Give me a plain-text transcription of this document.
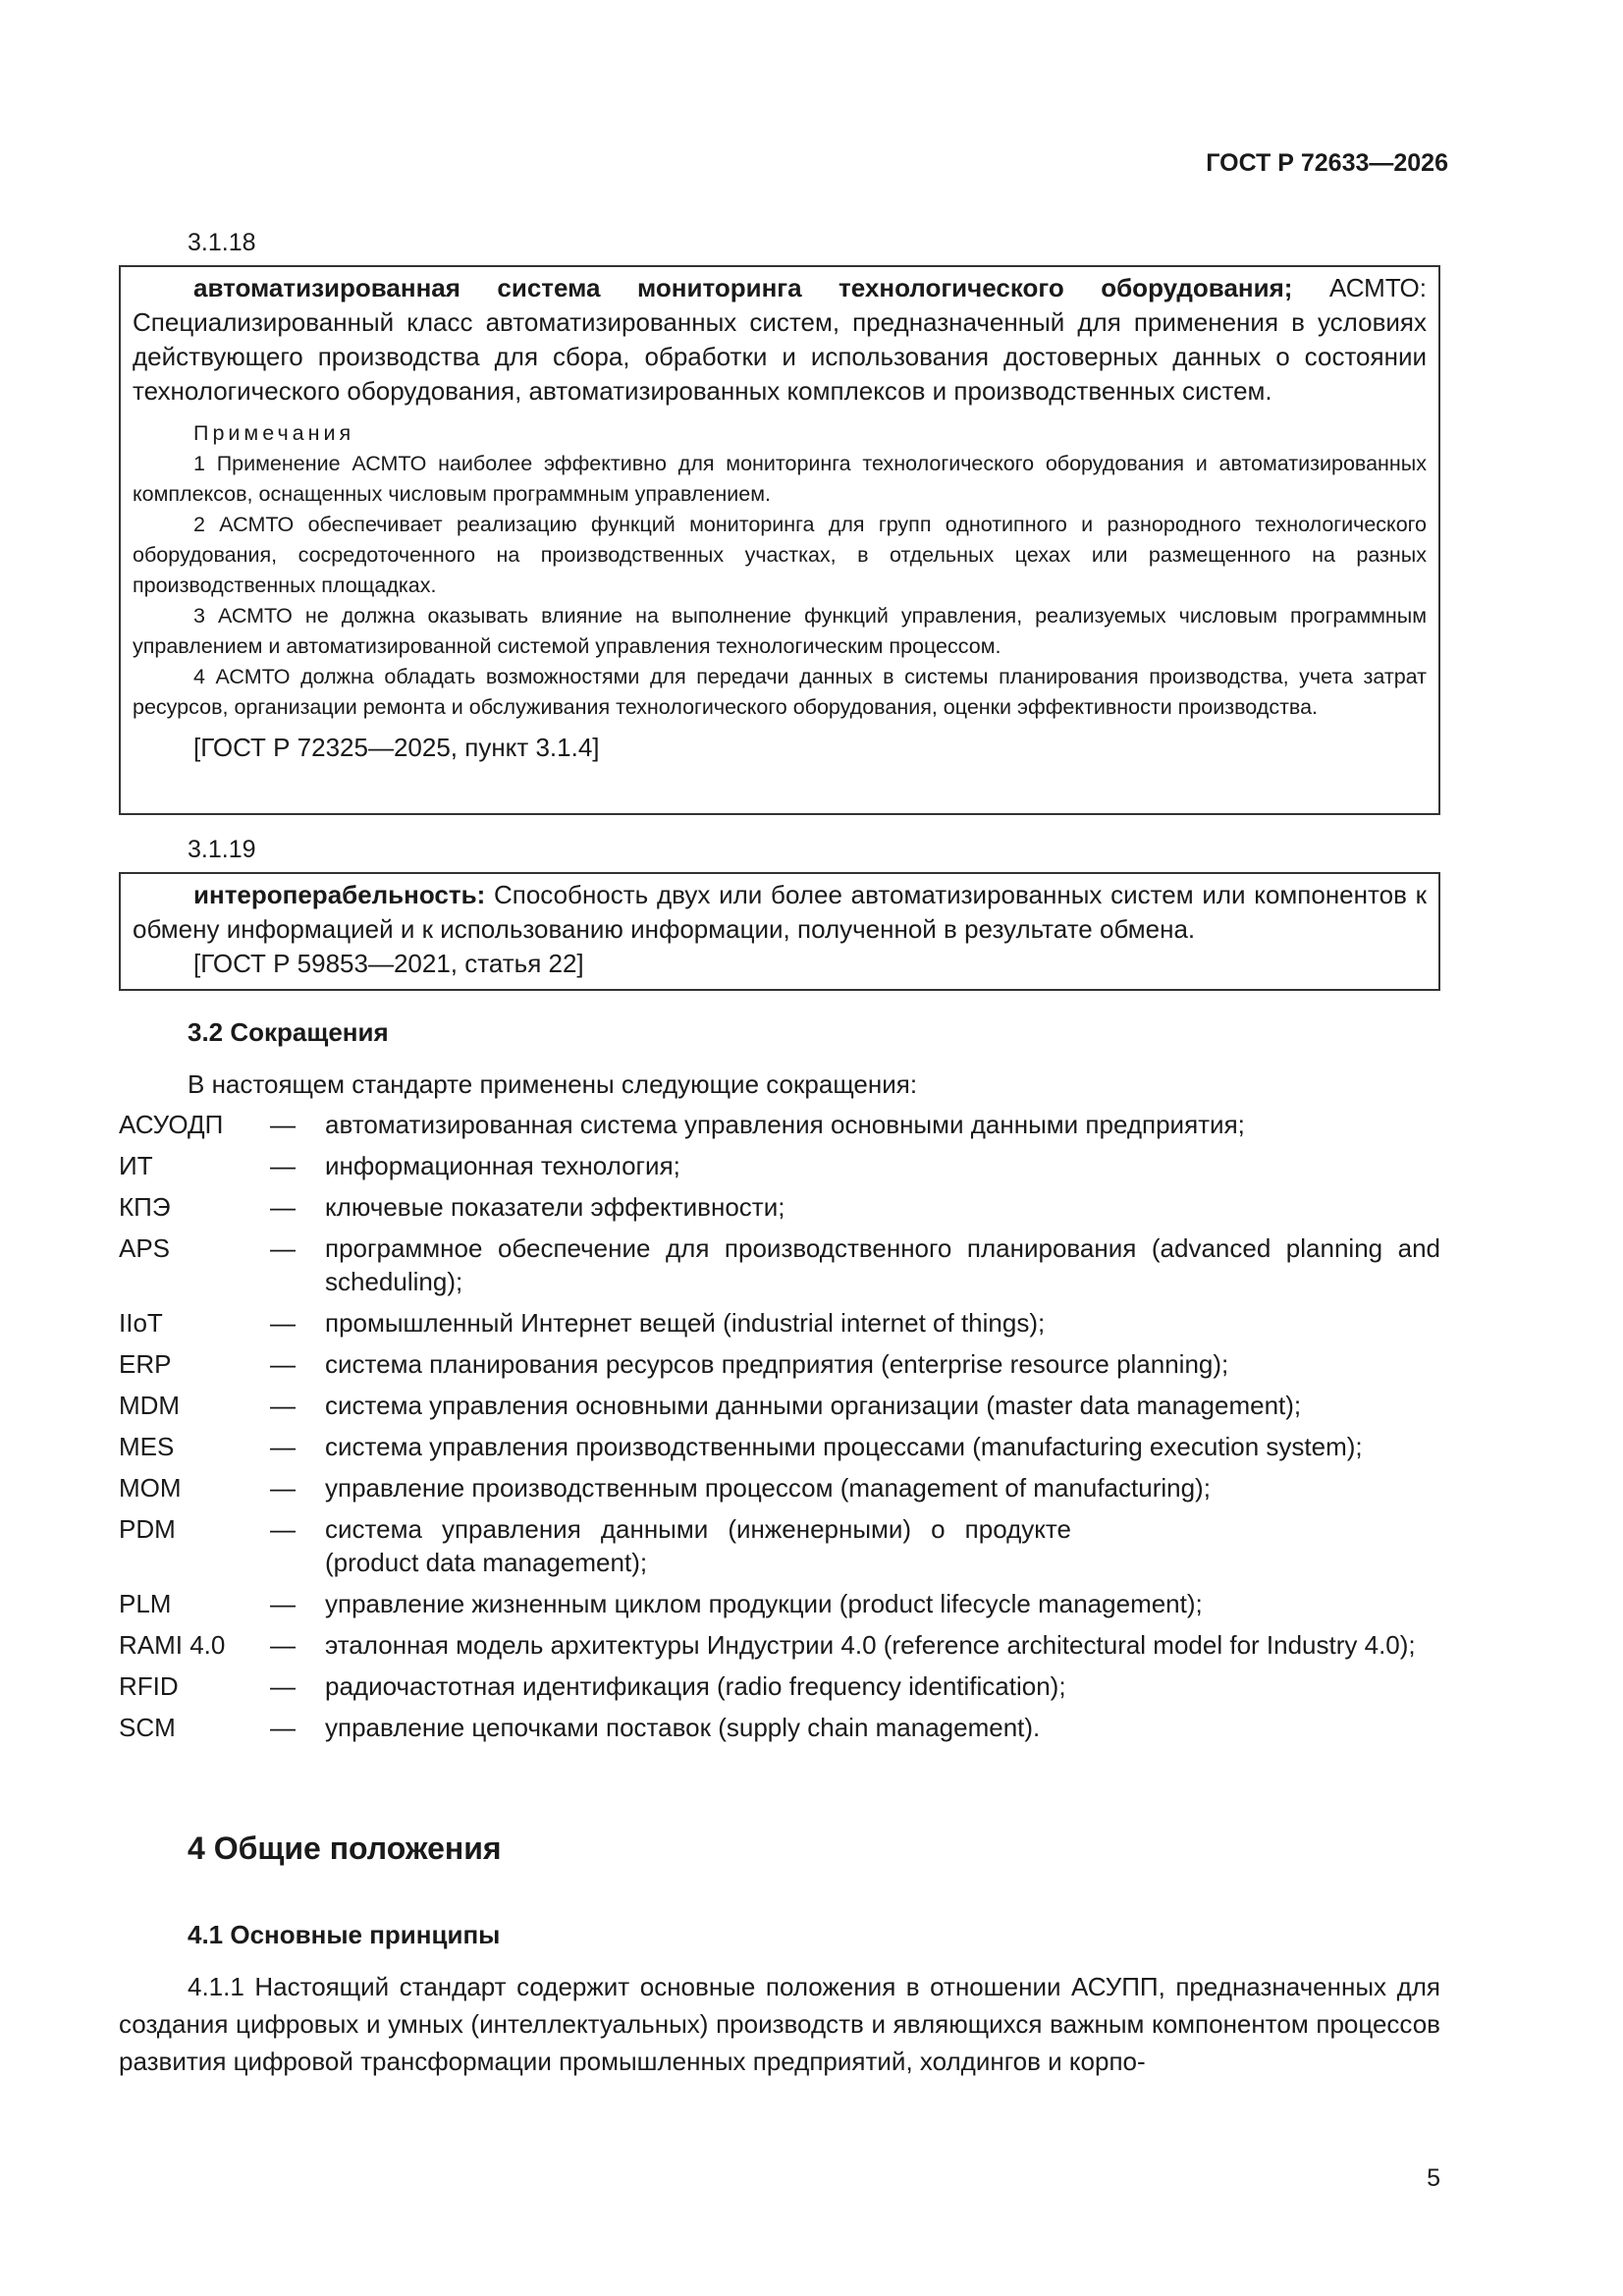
ГОСТ Р 72633—2026
3.1.18

автоматизированная система мониторинга технологического оборудования; АСМТО: Специализированный класс автоматизированных систем, предназначенный для применения в условиях действующего производства для сбора, обработки и использования достоверных данных о состоянии технологического оборудования, автоматизированных комплексов и производственных систем.

Примечания

1 Применение АСМТО наиболее эффективно для мониторинга технологического оборудования и автоматизированных комплексов, оснащенных числовым программным управлением.

2 АСМТО обеспечивает реализацию функций мониторинга для групп однотипного и разнородного технологического оборудования, сосредоточенного на производственных участках, в отдельных цехах или размещенного на разных производственных площадках.

3 АСМТО не должна оказывать влияние на выполнение функций управления, реализуемых числовым программным управлением и автоматизированной системой управления технологическим процессом.

4 АСМТО должна обладать возможностями для передачи данных в системы планирования производства, учета затрат ресурсов, организации ремонта и обслуживания технологического оборудования, оценки эффективности производства.

[ГОСТ Р 72325—2025, пункт 3.1.4]

3.1.19

интероперабельность: Способность двух или более автоматизированных систем или компонентов к обмену информацией и к использованию информации, полученной в результате обмена.

[ГОСТ Р 59853—2021, статья 22]

3.2 Сокращения
В настоящем стандарте применены следующие сокращения:
АСУОДП	—	автоматизированная система управления основными данными предприятия;
ИТ	—	информационная технология;
КПЭ	—	ключевые показатели эффективности;
APS	—	программное обеспечение для производственного планирования (advanced planning and scheduling);
IIoT	—	промышленный Интернет вещей (industrial internet of things);
ERP	—	система планирования ресурсов предприятия (enterprise resource planning);
MDM	—	система управления основными данными организации (master data management);
MES	—	система управления производственными процессами (manufacturing execution system);
MOM	—	управление производственным процессом (management of manufacturing);
PDM	—	система управления данными (инженерными) о продукте (product data management);
PLM	—	управление жизненным циклом продукции (product lifecycle management);
RAMI 4.0	—	эталонная модель архитектуры Индустрии 4.0 (reference architectural model for Industry 4.0);
RFID	—	радиочастотная идентификация (radio frequency identification);
SCM	—	управление цепочками поставок (supply chain management).
4 Общие положения
4.1 Основные принципы

4.1.1 Настоящий стандарт содержит основные положения в отношении АСУПП, предназначенных для создания цифровых и умных (интеллектуальных) производств и являющихся важным компонентом процессов развития цифровой трансформации промышленных предприятий, холдингов и корпо-

5
